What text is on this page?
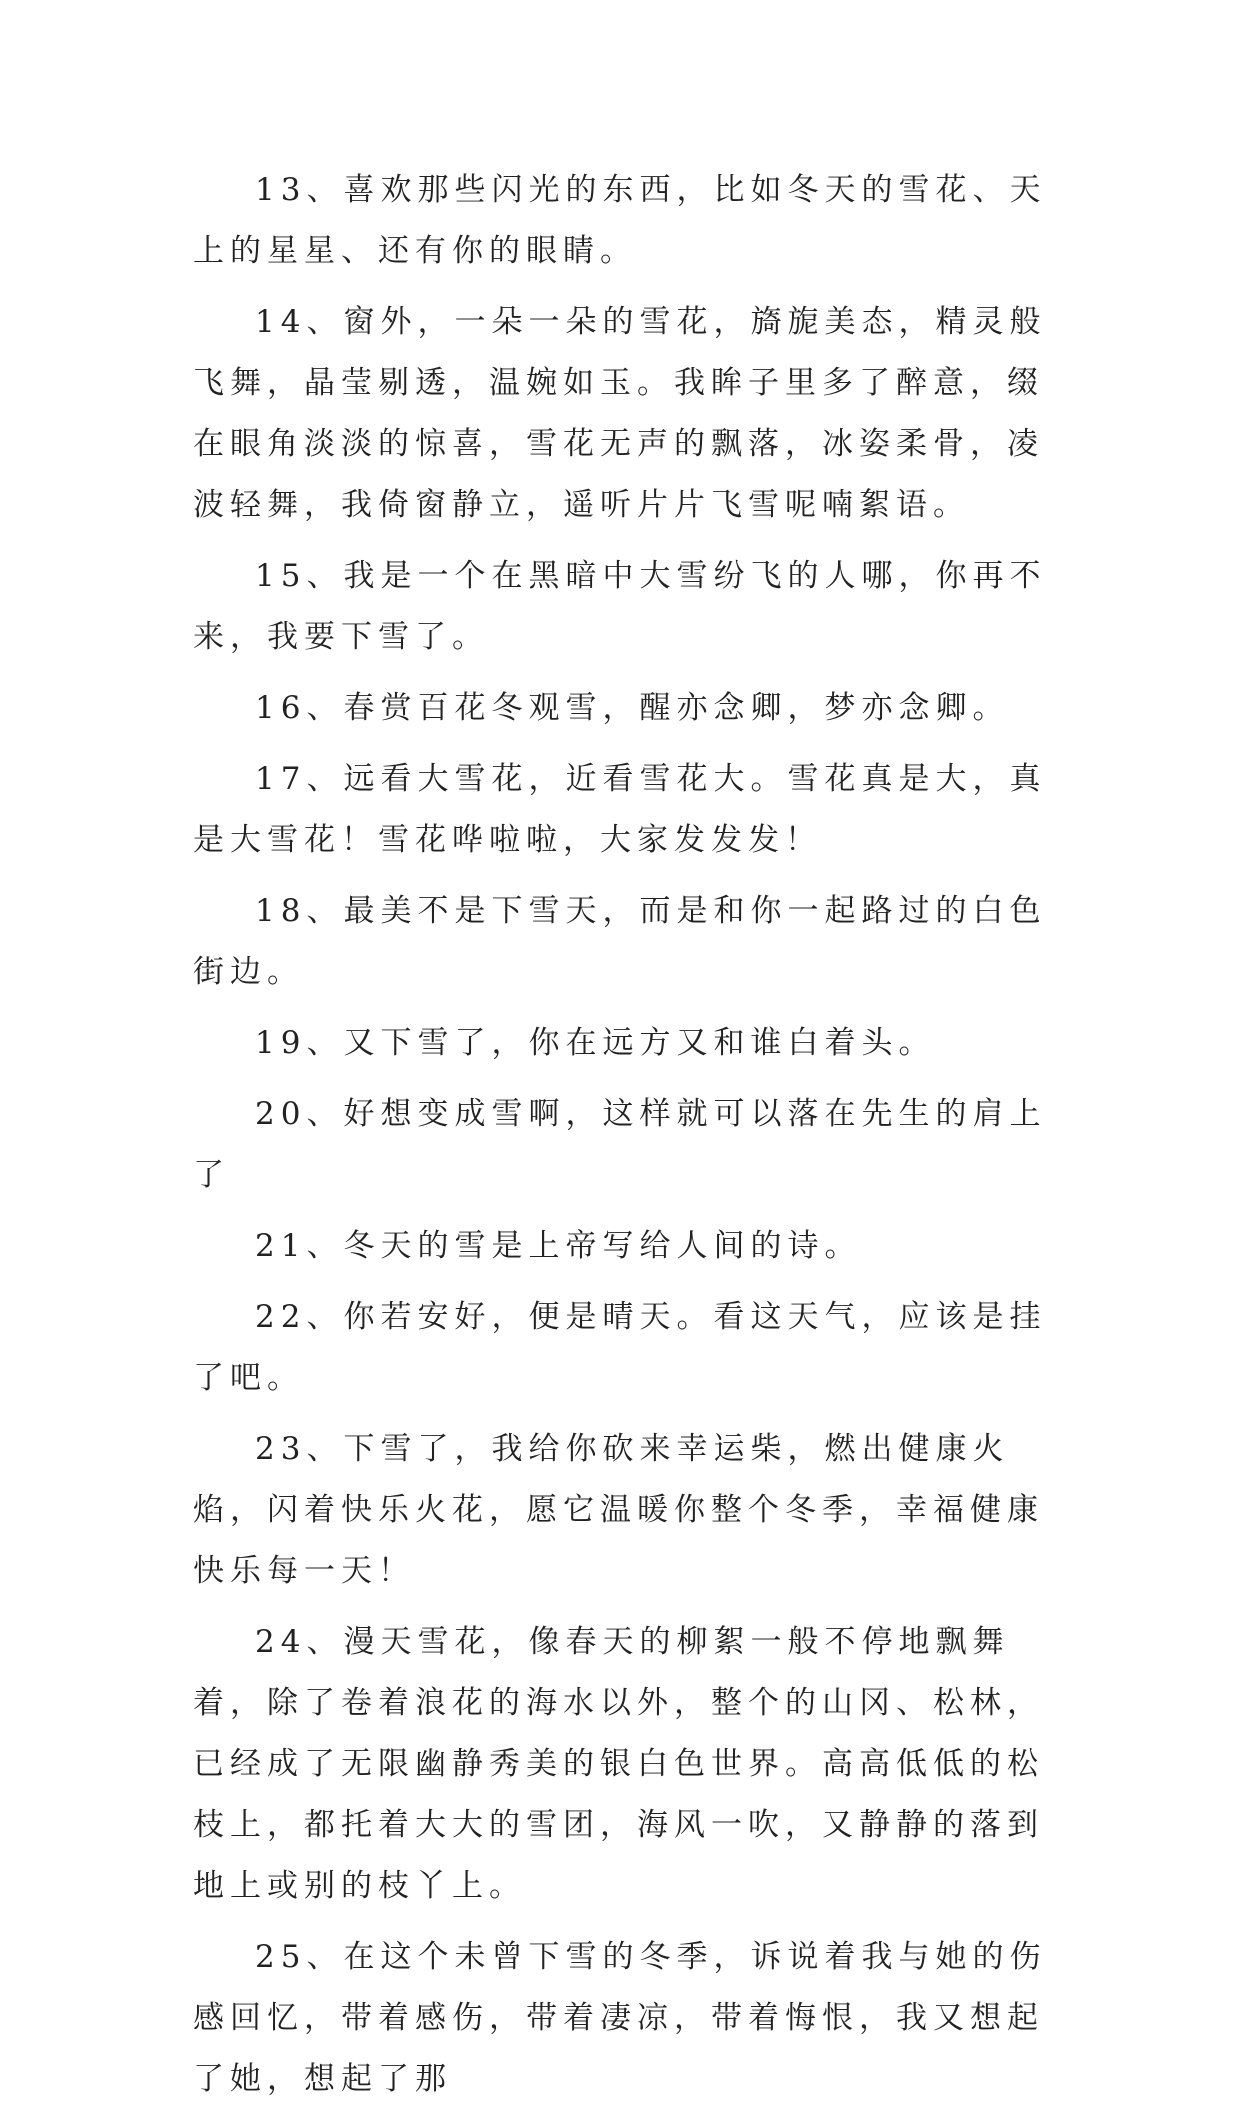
13、喜欢那些闪光的东西，比如冬天的雪花、天上的星星、还有你的眼睛。

14、窗外，一朵一朵的雪花，旖旎美态，精灵般飞舞，晶莹剔透，温婉如玉。我眸子里多了醉意，缀在眼角淡淡的惊喜，雪花无声的飘落，冰姿柔骨，凌波轻舞，我倚窗静立，遥听片片飞雪呢喃絮语。

15、我是一个在黑暗中大雪纷飞的人哪，你再不来，我要下雪了。

16、春赏百花冬观雪，醒亦念卿，梦亦念卿。

17、远看大雪花，近看雪花大。雪花真是大，真是大雪花！雪花哗啦啦，大家发发发！

18、最美不是下雪天，而是和你一起路过的白色街边。

19、又下雪了，你在远方又和谁白着头。

20、好想变成雪啊，这样就可以落在先生的肩上了

21、冬天的雪是上帝写给人间的诗。

22、你若安好，便是晴天。看这天气，应该是挂了吧。

23、下雪了，我给你砍来幸运柴，燃出健康火焰，闪着快乐火花，愿它温暖你整个冬季，幸福健康快乐每一天！

24、漫天雪花，像春天的柳絮一般不停地飘舞着，除了卷着浪花的海水以外，整个的山冈、松林，已经成了无限幽静秀美的银白色世界。高高低低的松枝上，都托着大大的雪团，海风一吹，又静静的落到地上或别的枝丫上。

25、在这个未曾下雪的冬季，诉说着我与她的伤感回忆，带着感伤，带着凄凉，带着悔恨，我又想起了她，想起了那
